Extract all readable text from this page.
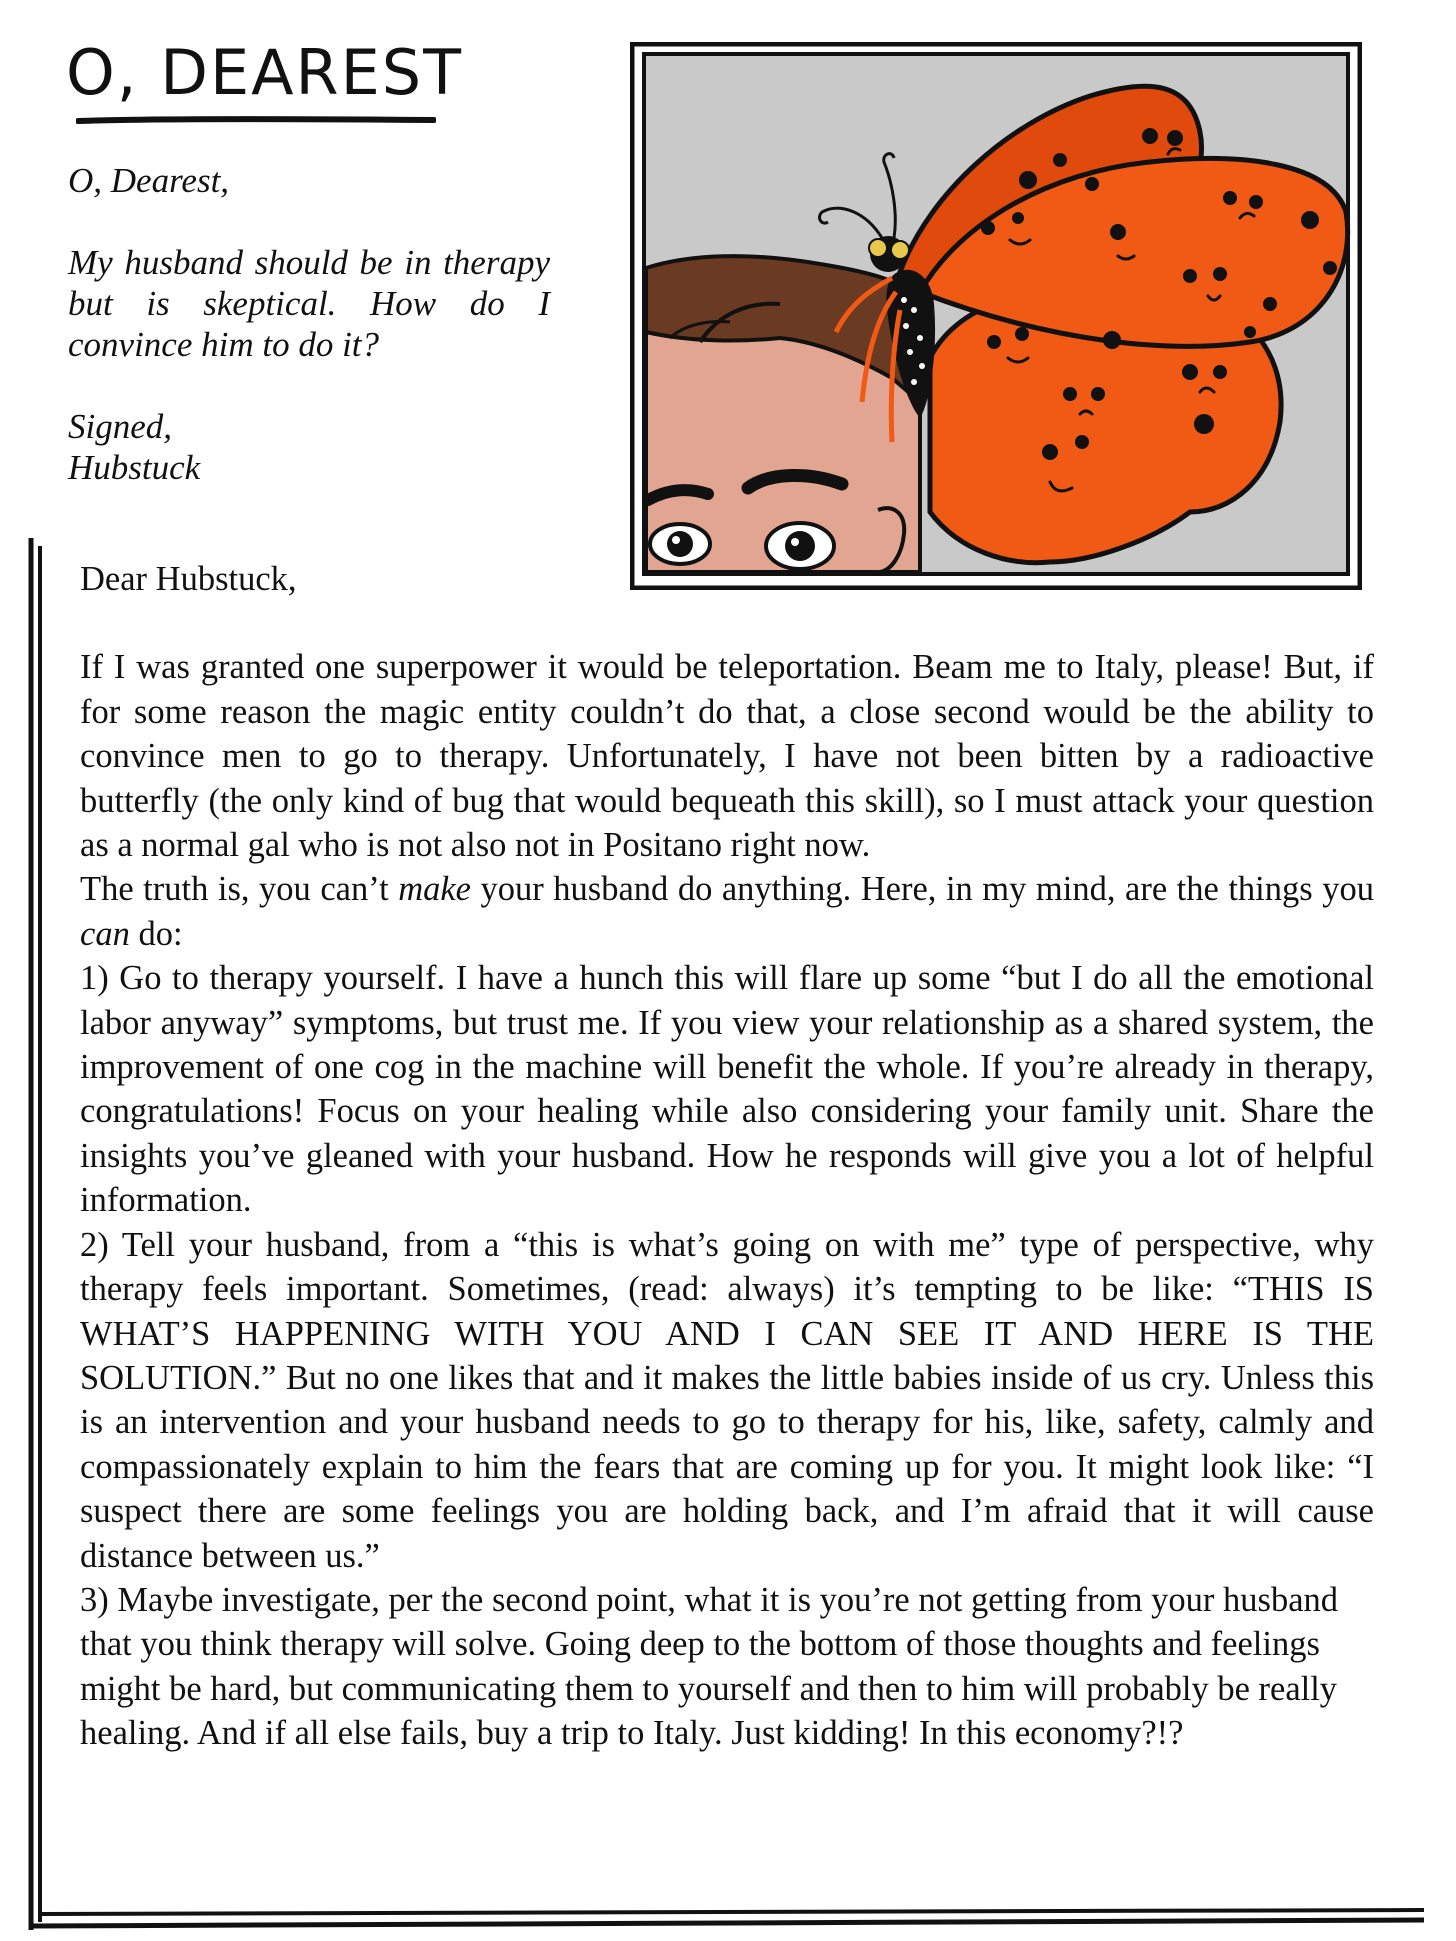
O, DEAREST

O, Dearest,

My husband should be in therapy but is skeptical. How do I convince him to do it?

Signed,

Hubstuck

Dear Hubstuck,

If I was granted one superpower it would be teleportation. Beam me to Italy, please! But, if for some reason the magic entity couldn’t do that, a close second would be the ability to convince men to go to therapy. Unfortunately, I have not been bitten by a radioactive butterfly (the only kind of bug that would bequeath this skill), so I must attack your question as a normal gal who is not also not in Positano right now.

The truth is, you can’t make your husband do anything. Here, in my mind, are the things you can do:

1) Go to therapy yourself. I have a hunch this will flare up some “but I do all the emotional labor anyway” symptoms, but trust me. If you view your relationship as a shared system, the improvement of one cog in the machine will benefit the whole. If you’re already in therapy, congratulations! Focus on your healing while also considering your family unit. Share the insights you’ve gleaned with your husband. How he responds will give you a lot of helpful information.

2) Tell your husband, from a “this is what’s going on with me” type of perspective, why therapy feels important. Sometimes, (read: always) it’s tempting to be like: “THIS IS WHAT’S HAPPENING WITH YOU AND I CAN SEE IT AND HERE IS THE SOLUTION.” But no one likes that and it makes the little babies inside of us cry. Unless this is an intervention and your husband needs to go to therapy for his, like, safety, calmly and compassionately explain to him the fears that are coming up for you. It might look like: “I suspect there are some feelings you are holding back, and I’m afraid that it will cause distance between us.”

3) Maybe investigate, per the second point, what it is you’re not getting from your husband that you think therapy will solve. Going deep to the bottom of those thoughts and feelings might be hard, but communicating them to yourself and then to him will probably be really healing. And if all else fails, buy a trip to Italy. Just kidding! In this economy?!?
